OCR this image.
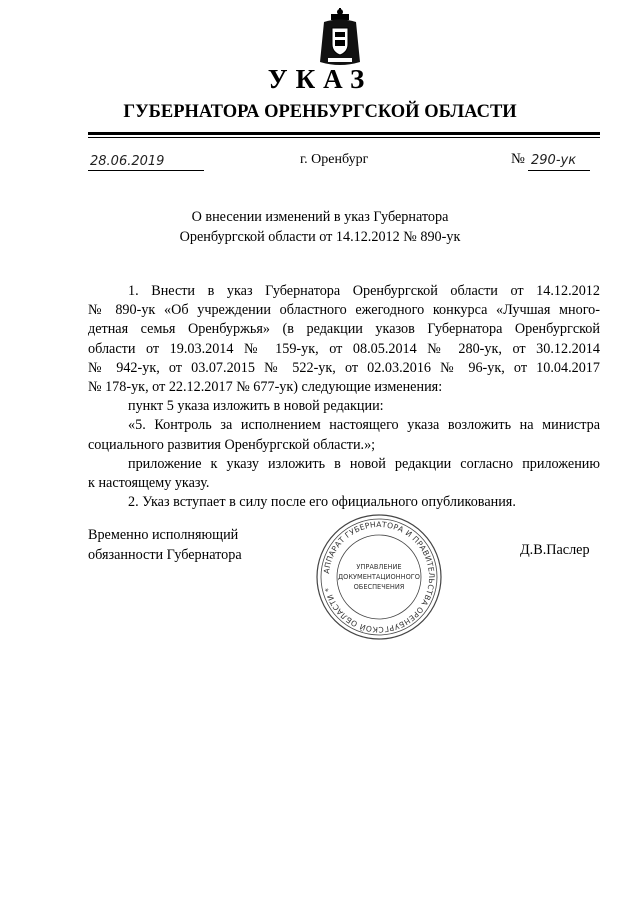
УКАЗ
ГУБЕРНАТОРА ОРЕНБУРГСКОЙ ОБЛАСТИ
28.06.2019	г. Оренбург	№ 290-ук
О внесении изменений в указ Губернатора
Оренбургской области от 14.12.2012 № 890-ук

1. Внести в указ Губернатора Оренбургской области от 14.12.2012

№ 890-ук «Об учреждении областного ежегодного конкурса «Лучшая много-

детная семья Оренбуржья» (в редакции указов Губернатора Оренбургской

области от 19.03.2014 № 159-ук, от 08.05.2014 № 280-ук, от 30.12.2014

№ 942-ук, от 03.07.2015 № 522-ук, от 02.03.2016 № 96-ук, от 10.04.2017

№ 178-ук, от 22.12.2017 № 677-ук) следующие изменения:

пункт 5 указа изложить в новой редакции:

«5. Контроль за исполнением настоящего указа возложить на министра

социального развития Оренбургской области.»;

приложение к указу изложить в новой редакции согласно приложению

к настоящему указу.

2. Указ вступает в силу после его официального опубликования.

Временно исполняющий
обязанности Губернатора	Д.В.Паслер
АППАРАТ ГУБЕРНАТОРА И ПРАВИТЕЛЬСТВА ОРЕНБУРГСКОЙ ОБЛАСТИ *
УПРАВЛЕНИЕ
ДОКУМЕНТАЦИОННОГО
ОБЕСПЕЧЕНИЯ
